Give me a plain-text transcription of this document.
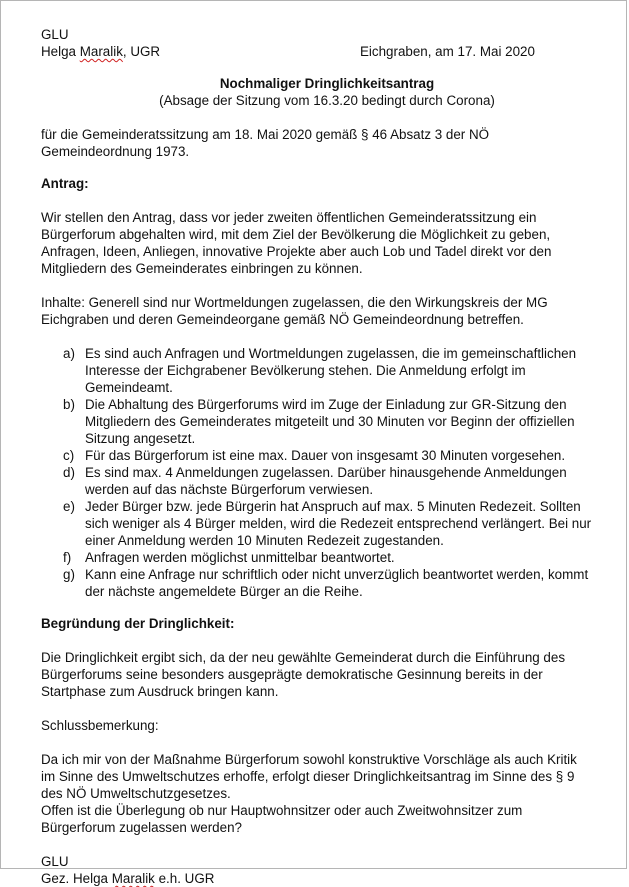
GLU
Helga Maralik, UGR	Eichgraben, am 17. Mai 2020
Nochmaliger Dringlichkeitsantrag
(Absage der Sitzung vom 16.3.20 bedingt durch Corona)
für die Gemeinderatssitzung am 18. Mai 2020 gemäß § 46 Absatz 3 der NÖ
Gemeindeordnung 1973.
Antrag:
Wir stellen den Antrag, dass vor jeder zweiten öffentlichen Gemeinderatssitzung ein
Bürgerforum abgehalten wird, mit dem Ziel der Bevölkerung die Möglichkeit zu geben,
Anfragen, Ideen, Anliegen, innovative Projekte aber auch Lob und Tadel direkt vor den
Mitgliedern des Gemeinderates einbringen zu können.
Inhalte: Generell sind nur Wortmeldungen zugelassen, die den Wirkungskreis der MG
Eichgraben und deren Gemeindeorgane gemäß NÖ Gemeindeordnung betreffen.
a) Es sind auch Anfragen und Wortmeldungen zugelassen, die im gemeinschaftlichen
Interesse der Eichgrabener Bevölkerung stehen. Die Anmeldung erfolgt im
Gemeindeamt.
b) Die Abhaltung des Bürgerforums wird im Zuge der Einladung zur GR-Sitzung den
Mitgliedern des Gemeinderates mitgeteilt und 30 Minuten vor Beginn der offiziellen
Sitzung angesetzt.
c) Für das Bürgerforum ist eine max. Dauer von insgesamt 30 Minuten vorgesehen.
d) Es sind max. 4 Anmeldungen zugelassen. Darüber hinausgehende Anmeldungen
werden auf das nächste Bürgerforum verwiesen.
e) Jeder Bürger bzw. jede Bürgerin hat Anspruch auf max. 5 Minuten Redezeit. Sollten
sich weniger als 4 Bürger melden, wird die Redezeit entsprechend verlängert. Bei nur
einer Anmeldung werden 10 Minuten Redezeit zugestanden.
f)	Anfragen werden möglichst unmittelbar beantwortet.
g) Kann eine Anfrage nur schriftlich oder nicht unverzüglich beantwortet werden, kommt
der nächste angemeldete Bürger an die Reihe.
Begründung der Dringlichkeit:
Die Dringlichkeit ergibt sich, da der neu gewählte Gemeinderat durch die Einführung des
Bürgerforums seine besonders ausgeprägte demokratische Gesinnung bereits in der
Startphase zum Ausdruck bringen kann.
Schlussbemerkung:
Da ich mir von der Maßnahme Bürgerforum sowohl konstruktive Vorschläge als auch Kritik
im Sinne des Umweltschutzes erhoffe, erfolgt dieser Dringlichkeitsantrag im Sinne des § 9
des NÖ Umweltschutzgesetzes.
Offen ist die Überlegung ob nur Hauptwohnsitzer oder auch Zweitwohnsitzer zum
Bürgerforum zugelassen werden?
GLU
Gez. Helga Maralik e.h. UGR
